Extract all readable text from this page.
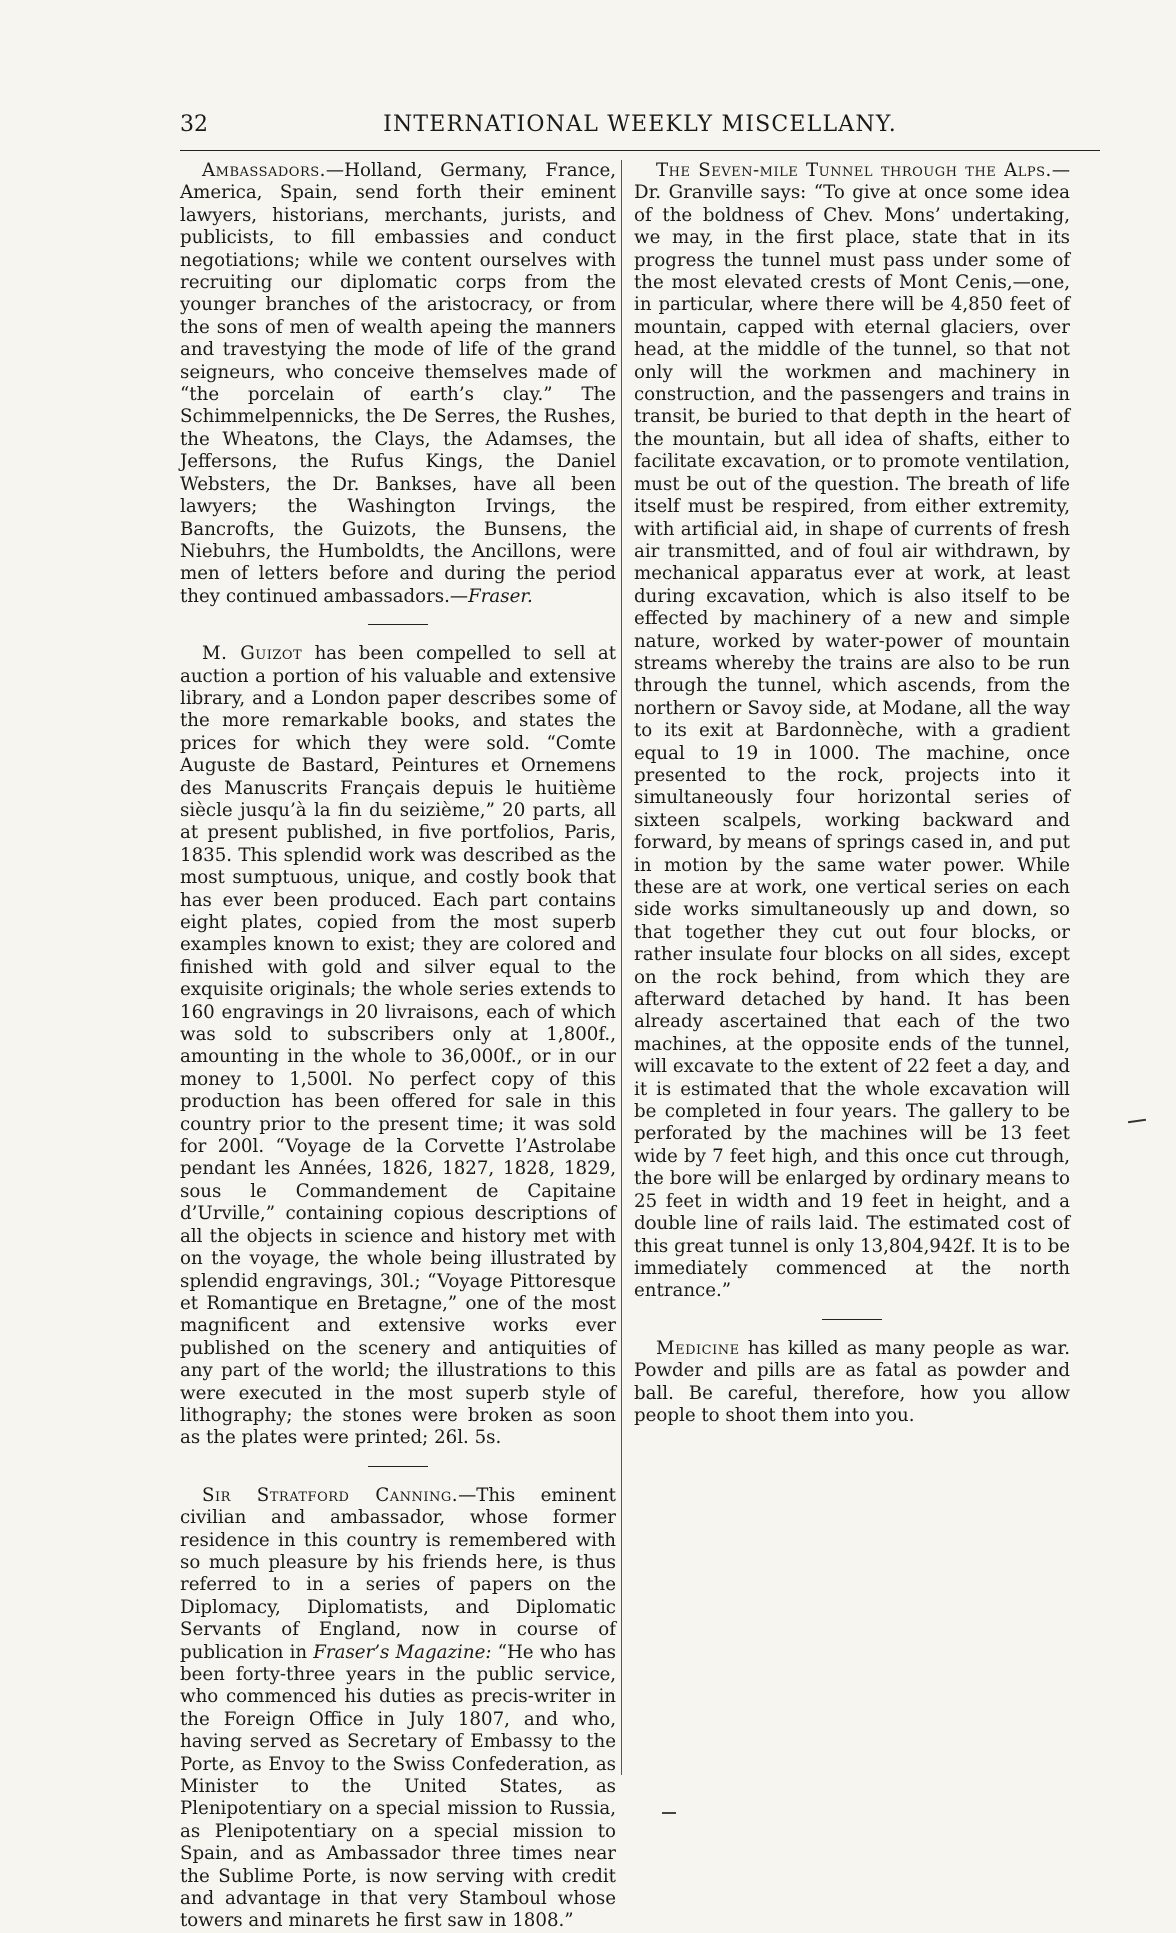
32	INTERNATIONAL WEEKLY MISCELLANY.

Ambassadors.—Holland, Germany, France, America, Spain, send forth their eminent lawyers, historians, merchants, jurists, and publicists, to fill embassies and conduct negotiations; while we content ourselves with recruiting our diplomatic corps from the younger branches of the aristocracy, or from the sons of men of wealth apeing the manners and travestying the mode of life of the grand seigneurs, who conceive themselves made of “the porcelain of earth’s clay.” The Schimmelpennicks, the De Serres, the Rushes, the Wheatons, the Clays, the Adamses, the Jeffersons, the Rufus Kings, the Daniel Websters, the Dr. Bankses, have all been lawyers; the Washington Irvings, the Bancrofts, the Guizots, the Bunsens, the Niebuhrs, the Humboldts, the Ancillons, were men of letters before and during the period they continued ambassadors.—Fraser.

M. Guizot has been compelled to sell at auction a portion of his valuable and extensive library, and a London paper describes some of the more remarkable books, and states the prices for which they were sold. “Comte Auguste de Bastard, Peintures et Ornemens des Manuscrits Français depuis le huitième siècle jusqu’à la fin du seizième,” 20 parts, all at present published, in five portfolios, Paris, 1835. This splendid work was described as the most sumptuous, unique, and costly book that has ever been produced. Each part contains eight plates, copied from the most superb examples known to exist; they are colored and finished with gold and silver equal to the exquisite originals; the whole series extends to 160 engravings in 20 livraisons, each of which was sold to subscribers only at 1,800f., amounting in the whole to 36,000f., or in our money to 1,500l. No perfect copy of this production has been offered for sale in this country prior to the present time; it was sold for 200l. “Voyage de la Corvette l’Astrolabe pendant les Années, 1826, 1827, 1828, 1829, sous le Commandement de Capitaine d’Urville,” containing copious descriptions of all the objects in science and history met with on the voyage, the whole being illustrated by splendid engravings, 30l.; “Voyage Pittoresque et Romantique en Bretagne,” one of the most magnificent and extensive works ever published on the scenery and antiquities of any part of the world; the illustrations to this were executed in the most superb style of lithography; the stones were broken as soon as the plates were printed; 26l. 5s.

Sir Stratford Canning.—This eminent civilian and ambassador, whose former residence in this country is remembered with so much pleasure by his friends here, is thus referred to in a series of papers on the Diplomacy, Diplomatists, and Diplomatic Servants of England, now in course of publication in Fraser’s Magazine: “He who has been forty-three years in the public service, who commenced his duties as precis-writer in the Foreign Office in July 1807, and who, having served as Secretary of Embassy to the Porte, as Envoy to the Swiss Confederation, as Minister to the United States, as Plenipotentiary on a special mission to Russia, as Plenipotentiary on a special mission to Spain, and as Ambassador three times near the Sublime Porte, is now serving with credit and advantage in that very Stamboul whose towers and minarets he first saw in 1808.”

The Seven-mile Tunnel through the Alps.—Dr. Granville says: “To give at once some idea of the boldness of Chev. Mons’ undertaking, we may, in the first place, state that in its progress the tunnel must pass under some of the most elevated crests of Mont Cenis,—one, in particular, where there will be 4,850 feet of mountain, capped with eternal glaciers, over head, at the middle of the tunnel, so that not only will the workmen and machinery in construction, and the passengers and trains in transit, be buried to that depth in the heart of the mountain, but all idea of shafts, either to facilitate excavation, or to promote ventilation, must be out of the question. The breath of life itself must be respired, from either extremity, with artificial aid, in shape of currents of fresh air transmitted, and of foul air withdrawn, by mechanical apparatus ever at work, at least during excavation, which is also itself to be effected by machinery of a new and simple nature, worked by water-power of mountain streams whereby the trains are also to be run through the tunnel, which ascends, from the northern or Savoy side, at Modane, all the way to its exit at Bardonnèche, with a gradient equal to 19 in 1000. The machine, once presented to the rock, projects into it simultaneously four horizontal series of sixteen scalpels, working backward and forward, by means of springs cased in, and put in motion by the same water power. While these are at work, one vertical series on each side works simultaneously up and down, so that together they cut out four blocks, or rather insulate four blocks on all sides, except on the rock behind, from which they are afterward detached by hand. It has been already ascertained that each of the two machines, at the opposite ends of the tunnel, will excavate to the extent of 22 feet a day, and it is estimated that the whole excavation will be completed in four years. The gallery to be perforated by the machines will be 13 feet wide by 7 feet high, and this once cut through, the bore will be enlarged by ordinary means to 25 feet in width and 19 feet in height, and a double line of rails laid. The estimated cost of this great tunnel is only 13,804,942f. It is to be immediately commenced at the north entrance.”

Medicine has killed as many people as war. Powder and pills are as fatal as powder and ball. Be careful, therefore, how you allow people to shoot them into you.
